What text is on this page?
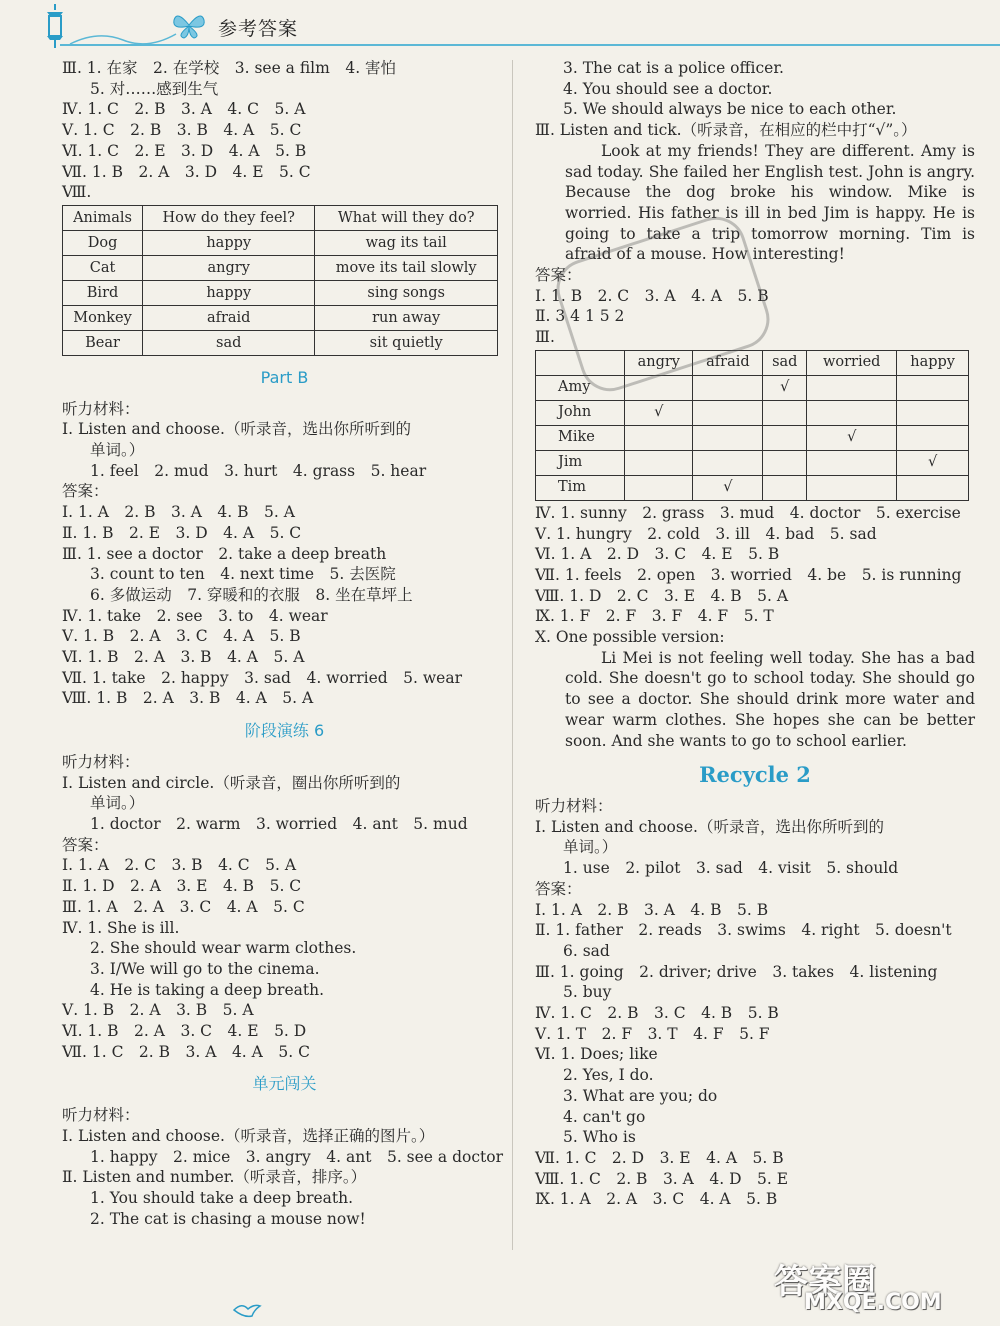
参考答案
Ⅲ. 1. 在家　2. 在学校　3. see a film　4. 害怕
5. 对……感到生气
Ⅳ. 1. C　2. B　3. A　4. C　5. A
Ⅴ. 1. C　2. B　3. B　4. A　5. C
Ⅵ. 1. C　2. E　3. D　4. A　5. B
Ⅶ. 1. B　2. A　3. D　4. E　5. C
Ⅷ.
Animals	How do they feel?	What will they do?
Dog	happy	wag its tail
Cat	angry	move its tail slowly
Bird	happy	sing songs
Monkey	afraid	run away
Bear	sad	sit quietly
Part B
听力材料：
Ⅰ. Listen and choose.（听录音，选出你所听到的
单词。）
1. feel　2. mud　3. hurt　4. grass　5. hear
答案：
Ⅰ. 1. A　2. B　3. A　4. B　5. A
Ⅱ. 1. B　2. E　3. D　4. A　5. C
Ⅲ. 1. see a doctor　2. take a deep breath
3. count to ten　4. next time　5. 去医院
6. 多做运动　7. 穿暖和的衣服　8. 坐在草坪上
Ⅳ. 1. take　2. see　3. to　4. wear
Ⅴ. 1. B　2. A　3. C　4. A　5. B
Ⅵ. 1. B　2. A　3. B　4. A　5. A
Ⅶ. 1. take　2. happy　3. sad　4. worried　5. wear
Ⅷ. 1. B　2. A　3. B　4. A　5. A
阶段演练 6
听力材料：
Ⅰ. Listen and circle.（听录音，圈出你所听到的
单词。）
1. doctor　2. warm　3. worried　4. ant　5. mud
答案：
Ⅰ. 1. A　2. C　3. B　4. C　5. A
Ⅱ. 1. D　2. A　3. E　4. B　5. C
Ⅲ. 1. A　2. A　3. C　4. A　5. C
Ⅳ. 1. She is ill.
2. She should wear warm clothes.
3. I/We will go to the cinema.
4. He is taking a deep breath.
Ⅴ. 1. B　2. A　3. B　5. A
Ⅵ. 1. B　2. A　3. C　4. E　5. D
Ⅶ. 1. C　2. B　3. A　4. A　5. C
单元闯关
听力材料：
Ⅰ. Listen and choose.（听录音，选择正确的图片。）
1. happy　2. mice　3. angry　4. ant　5. see a doctor
Ⅱ. Listen and number.（听录音，排序。）
1. You should take a deep breath.
2. The cat is chasing a mouse now!
3. The cat is a police officer.
4. You should see a doctor.
5. We should always be nice to each other.
Ⅲ. Listen and tick.（听录音，在相应的栏中打“√”。）
Look at my friends! They are different. Amy is sad today. She failed her English test. John is angry. Because the dog broke his window. Mike is worried. His father is ill in bed Jim is happy. He is going to take a trip tomorrow morning. Tim is afraid of a mouse. How interesting!
答案：
Ⅰ. 1. B　2. C　3. A　4. A　5. B
Ⅱ. 3 4 1 5 2
Ⅲ.
	angry	afraid	sad	worried	happy
Amy			√		
John	√				
Mike				√	
Jim					√
Tim		√			
Ⅳ. 1. sunny　2. grass　3. mud　4. doctor　5. exercise
Ⅴ. 1. hungry　2. cold　3. ill　4. bad　5. sad
Ⅵ. 1. A　2. D　3. C　4. E　5. B
Ⅶ. 1. feels　2. open　3. worried　4. be　5. is running
Ⅷ. 1. D　2. C　3. E　4. B　5. A
Ⅸ. 1. F　2. F　3. F　4. F　5. T
Ⅹ. One possible version:
Li Mei is not feeling well today. She has a bad cold. She doesn't go to school today. She should go to see a doctor. She should drink more water and wear warm clothes. She hopes she can be better soon. And she wants to go to school earlier.
Recycle 2
听力材料：
Ⅰ. Listen and choose.（听录音，选出你所听到的
单词。）
1. use　2. pilot　3. sad　4. visit　5. should
答案：
Ⅰ. 1. A　2. B　3. A　4. B　5. B
Ⅱ. 1. father　2. reads　3. swims　4. right　5. doesn't
6. sad
Ⅲ. 1. going　2. driver; drive　3. takes　4. listening
5. buy
Ⅳ. 1. C　2. B　3. C　4. B　5. B
Ⅴ. 1. T　2. F　3. T　4. F　5. F
Ⅵ. 1. Does; like
2. Yes, I do.
3. What are you; do
4. can't go
5. Who is
Ⅶ. 1. C　2. D　3. E　4. A　5. B
Ⅷ. 1. C　2. B　3. A　4. D　5. E
Ⅸ. 1. A　2. A　3. C　4. A　5. B
答案圈
MXQE.COM
